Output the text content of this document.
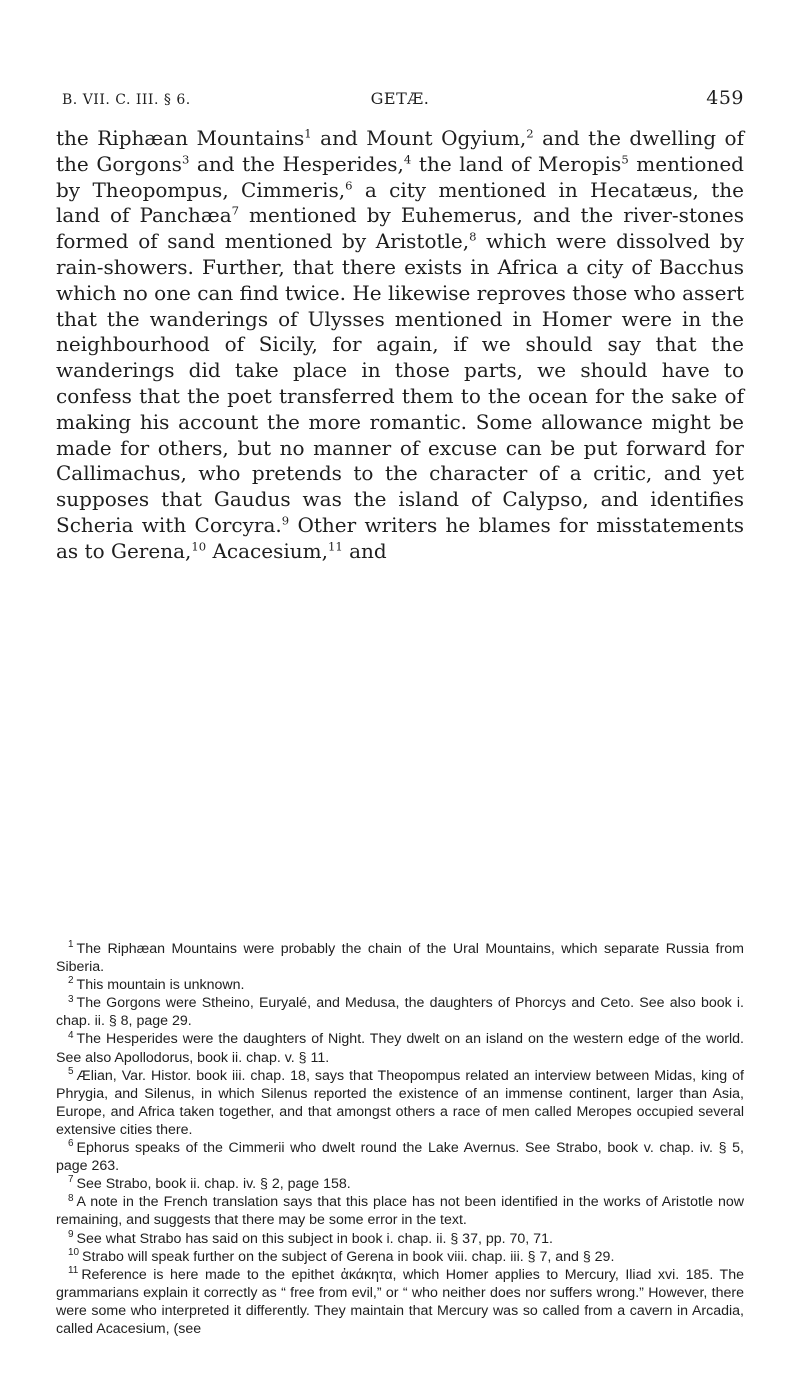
B. VII. C. III. § 6.	GETÆ.	459

the Riphæan Mountains$^1$ and Mount Ogyium,$^2$ and the dwelling of the Gorgons$^3$ and the Hesperides,$^4$ the land of Meropis$^5$ mentioned by Theopompus, Cimmeris,$^6$ a city mentioned in Hecatæus, the land of Panchæa$^7$ mentioned by Euhemerus, and the river-stones formed of sand mentioned by Aristotle,$^8$ which were dissolved by rain-showers. Further, that there exists in Africa a city of Bacchus which no one can find twice. He likewise reproves those who assert that the wanderings of Ulysses mentioned in Homer were in the neighbourhood of Sicily, for again, if we should say that the wanderings did take place in those parts, we should have to confess that the poet transferred them to the ocean for the sake of making his account the more romantic. Some allowance might be made for others, but no manner of excuse can be put forward for Callimachus, who pretends to the character of a critic, and yet supposes that Gaudus was the island of Calypso, and identifies Scheria with Corcyra.$^9$ Other writers he blames for misstatements as to Gerena,$^{10}$ Acacesium,$^{11}$ and

$^1$ The Riphæan Mountains were probably the chain of the Ural Mountains, which separate Russia from Siberia.

$^2$ This mountain is unknown.

$^3$ The Gorgons were Stheino, Euryalé, and Medusa, the daughters of Phorcys and Ceto. See also book i. chap. ii. § 8, page 29.

$^4$ The Hesperides were the daughters of Night. They dwelt on an island on the western edge of the world. See also Apollodorus, book ii. chap. v. § 11.

$^5$ Ælian, Var. Histor. book iii. chap. 18, says that Theopompus related an interview between Midas, king of Phrygia, and Silenus, in which Silenus reported the existence of an immense continent, larger than Asia, Europe, and Africa taken together, and that amongst others a race of men called Meropes occupied several extensive cities there.

$^6$ Ephorus speaks of the Cimmerii who dwelt round the Lake Avernus. See Strabo, book v. chap. iv. § 5, page 263.

$^7$ See Strabo, book ii. chap. iv. § 2, page 158.

$^8$ A note in the French translation says that this place has not been identified in the works of Aristotle now remaining, and suggests that there may be some error in the text.

$^9$ See what Strabo has said on this subject in book i. chap. ii. § 37, pp. 70, 71.

$^{10}$ Strabo will speak further on the subject of Gerena in book viii. chap. iii. § 7, and § 29.

$^{11}$ Reference is here made to the epithet ἀκάκητα, which Homer applies to Mercury, Iliad xvi. 185. The grammarians explain it correctly as “ free from evil,” or “ who neither does nor suffers wrong.” However, there were some who interpreted it differently. They maintain that Mercury was so called from a cavern in Arcadia, called Acacesium, (see
